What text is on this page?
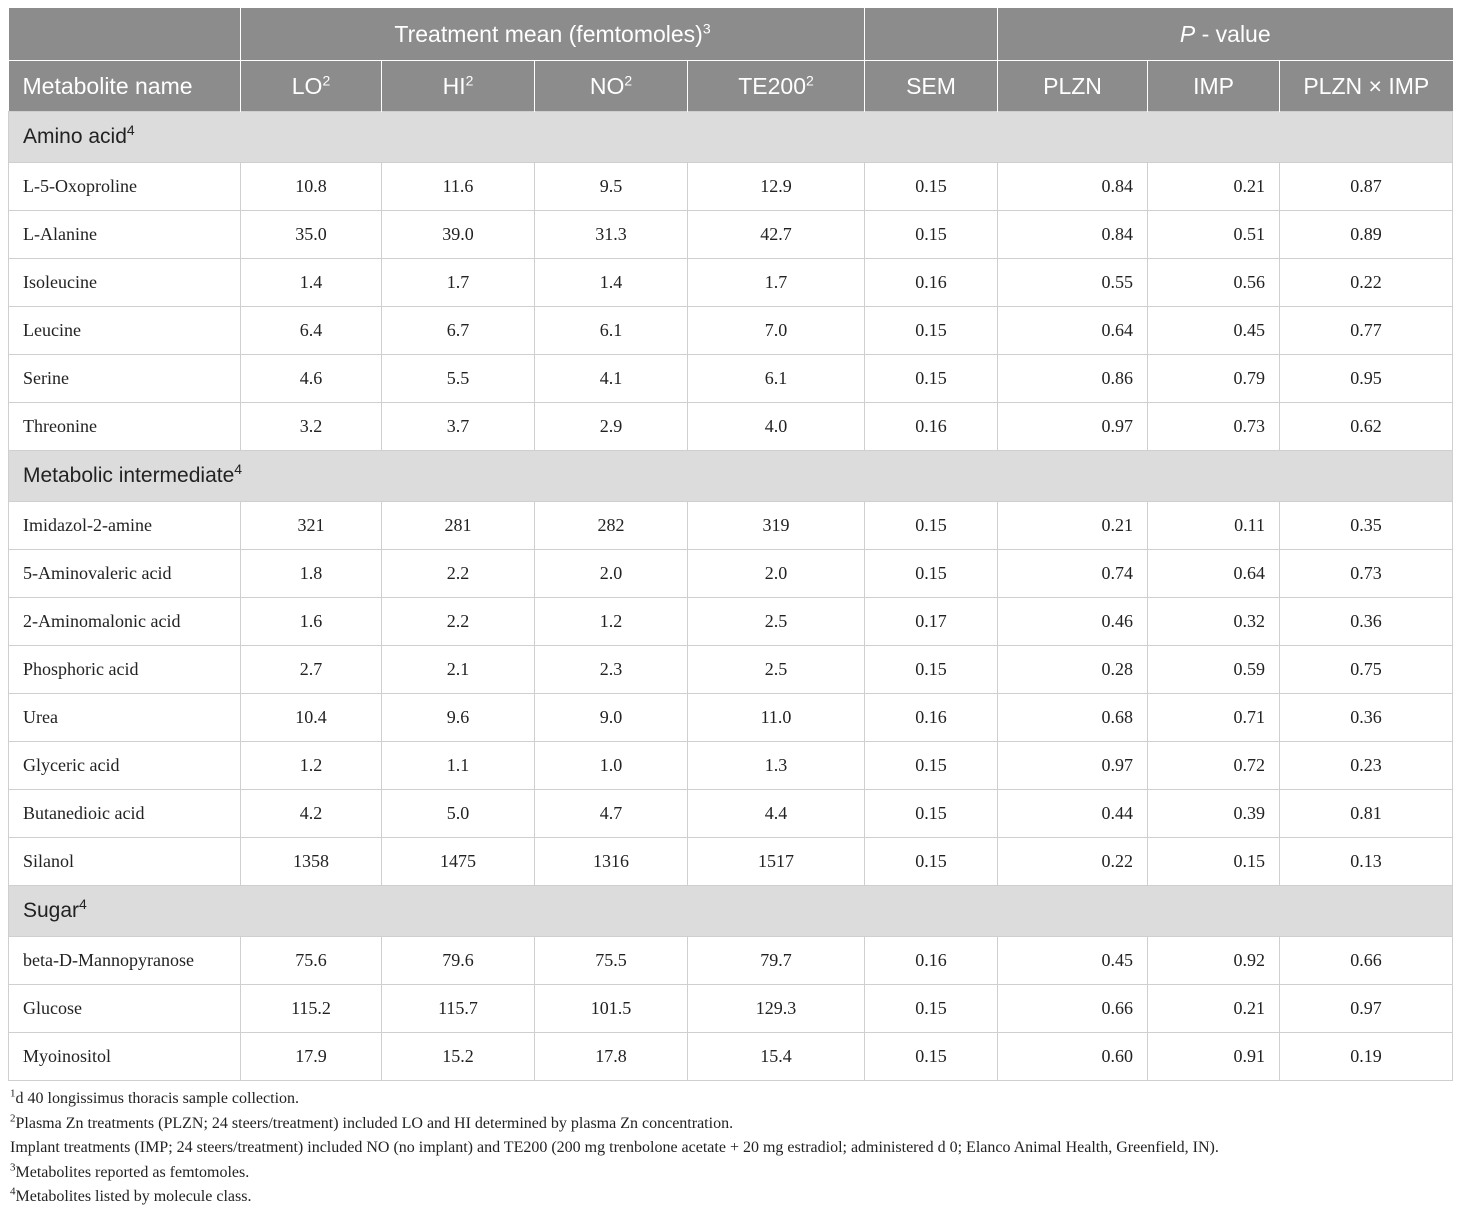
	Treatment mean (femtomoles)$^3$					P - value		
Metabolite name	$LO^2$	$HI^2$	$NO^2$	$TE200^2$	SEM	PLZN	IMP	PLZN × IMP
Amino acid$^4$
L-5-Oxoproline	10.8	11.6	9.5	12.9	0.15	0.84	0.21	0.87
L-Alanine	35.0	39.0	31.3	42.7	0.15	0.84	0.51	0.89
Isoleucine	1.4	1.7	1.4	1.7	0.16	0.55	0.56	0.22
Leucine	6.4	6.7	6.1	7.0	0.15	0.64	0.45	0.77
Serine	4.6	5.5	4.1	6.1	0.15	0.86	0.79	0.95
Threonine	3.2	3.7	2.9	4.0	0.16	0.97	0.73	0.62
Metabolic intermediate$^4$
Imidazol-2-amine	321	281	282	319	0.15	0.21	0.11	0.35
5-Aminovaleric acid	1.8	2.2	2.0	2.0	0.15	0.74	0.64	0.73
2-Aminomalonic acid	1.6	2.2	1.2	2.5	0.17	0.46	0.32	0.36
Phosphoric acid	2.7	2.1	2.3	2.5	0.15	0.28	0.59	0.75
Urea	10.4	9.6	9.0	11.0	0.16	0.68	0.71	0.36
Glyceric acid	1.2	1.1	1.0	1.3	0.15	0.97	0.72	0.23
Butanedioic acid	4.2	5.0	4.7	4.4	0.15	0.44	0.39	0.81
Silanol	1358	1475	1316	1517	0.15	0.22	0.15	0.13
Sugar$^4$
beta-D-Mannopyranose	75.6	79.6	75.5	79.7	0.16	0.45	0.92	0.66
Glucose	115.2	115.7	101.5	129.3	0.15	0.66	0.21	0.97
Myoinositol	17.9	15.2	17.8	15.4	0.15	0.60	0.91	0.19
$^1$d 40 longissimus thoracis sample collection.
$^2$Plasma Zn treatments (PLZN; 24 steers/treatment) included LO and HI determined by plasma Zn concentration.
Implant treatments (IMP; 24 steers/treatment) included NO (no implant) and TE200 (200 mg trenbolone acetate + 20 mg estradiol; administered d 0; Elanco Animal Health, Greenfield, IN).
$^3$Metabolites reported as femtomoles.
$^4$Metabolites listed by molecule class.
